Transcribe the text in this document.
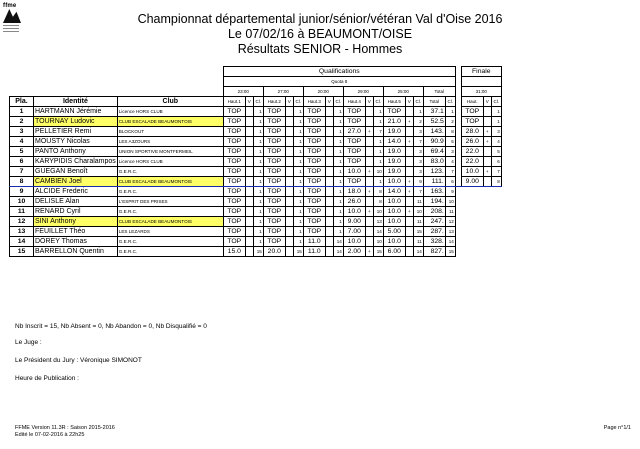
ffme
Championnat départemental junior/sénior/vétéran Val d'Oise 2016
Le 07/02/16 à BEAUMONT/OISE
Résultats SENIOR - Hommes
			Qualifications																		Finale		
			Quota 8																				
			23:00			27:00			20:00			29:00			25:00			Total			31:00		
Pla.	Identité	Club	Haut.1	V	Cl.	Haut.2	V	Cl.	Haut.3	V	Cl.	Haut.4	V	Cl.	Haut.5	V	Cl.	Total	Cl.		Haut.	V	Cl.
1	HARTMANN Jérémie	Licence HORS CLUB	TOP		1	TOP		1	TOP		1	TOP		1	TOP		1	37.1	1		TOP		1
2	TOURNAY Ludovic	CLUB ESCALADE BEAUMONTOIS	TOP		1	TOP		1	TOP		1	TOP		1	21.0	+	2	52.5	2		TOP		1
3	PELLETIER Remi	BLOCKOUT	TOP		1	TOP		1	TOP		1	27.0	+	7	19.0		3	143.	8		28.0	+	3
4	MOUSTY Nicolas	LES A3ZOURS	TOP		1	TOP		1	TOP		1	TOP		1	14.0	+	7	90.9	5		26.0	+	4
5	PANTO Anthony	UNION SPORTIVE MONTFERMEIL	TOP		1	TOP		1	TOP		1	TOP		1	19.0		3	69.4	3		22.0		5
6	KARYPIDIS Charalampos	Licence HORS CLUB	TOP		1	TOP		1	TOP		1	TOP		1	19.0		3	83.0	4		22.0		6
7	GUEGAN Benoît	G.E.R.C.	TOP		1	TOP		1	TOP		1	10.0	+	10	19.0		3	123.	7		10.0	+	7
8	CAMBIEN Joel	CLUB ESCALADE BEAUMONTOIS	TOP		1	TOP		1	TOP		1	TOP		1	10.0	+	9	111.	6		9.00		8
9	ALCIDE Frederic	G.E.R.C.	TOP		1	TOP		1	TOP		1	18.0	+	8	14.0	+	7	163.	9				
10	DELISLE Alan	L'ESPRIT DES PRISES	TOP		1	TOP		1	TOP		1	26.0		8	10.0		11	194.	10				
11	RENARD Cyril	G.E.R.C.	TOP		1	TOP		1	TOP		1	10.0	+	10	10.0	+	10	208.	11				
12	SINI Anthony	CLUB ESCALADE BEAUMONTOIS	TOP		1	TOP		1	TOP		1	9.00		13	10.0		11	247.	12				
13	FEUILLET Théo	LES LEZARDS	TOP		1	TOP		1	TOP		1	7.00		14	5.00		15	287.	13				
14	DOREY Thomas	G.E.R.C.	TOP		1	TOP		1	11.0		14	10.0		10	10.0		11	328.	14				
15	BARRELLON Quentin	G.E.R.C.	15.0		15	20.0		15	11.0		14	2.00	+	15	6.00		14	827.	15				
Nb Inscrit = 15, Nb Absent = 0, Nb Abandon = 0, Nb Disqualifié = 0
Le Juge :
Le Président du Jury : Véronique SIMONOT
Heure de Publication :
FFME Version 11.3R : Saison 2015-2016
Edité le 07-02-2016 à 22h25
Page n°1/1
